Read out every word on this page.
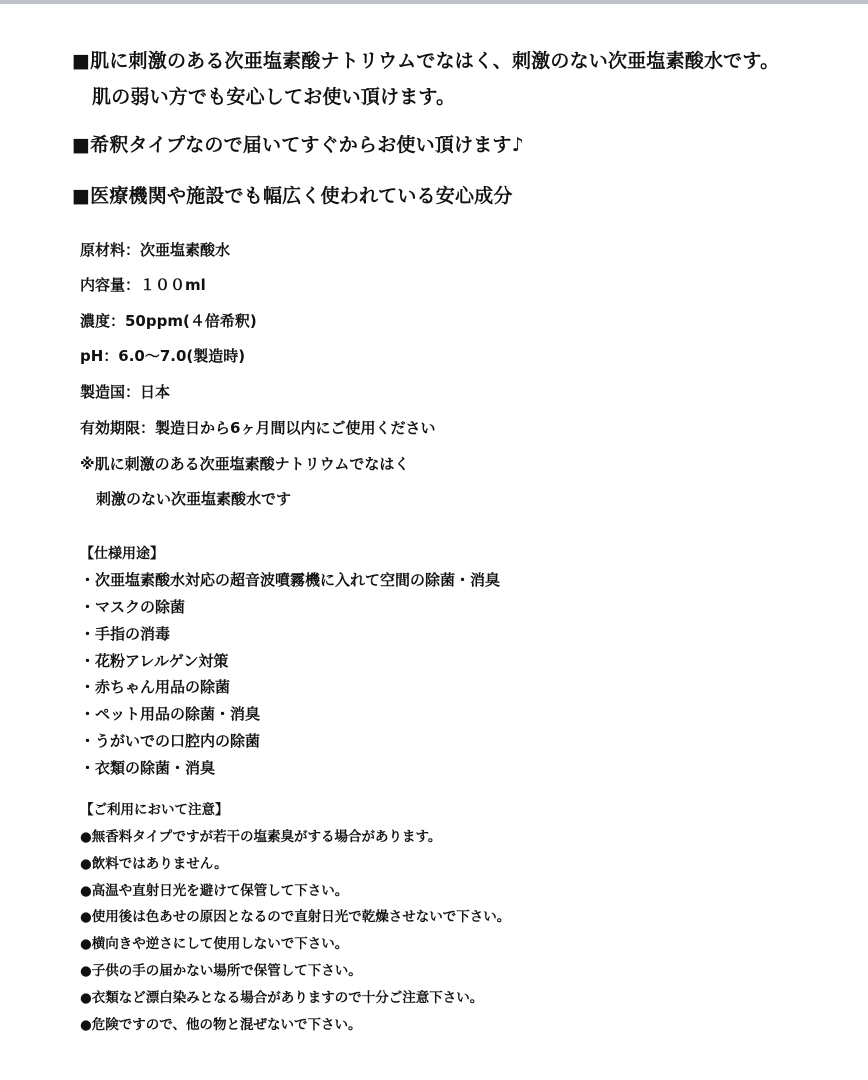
■肌に刺激のある次亜塩素酸ナトリウムでなはく、刺激のない次亜塩素酸水です。
肌の弱い方でも安心してお使い頂けます。
■希釈タイプなので届いてすぐからお使い頂けます♪
■医療機関や施設でも幅広く使われている安心成分
原材料：次亜塩素酸水
内容量：１００ml
濃度：50ppm(４倍希釈)
pH：6.0〜7.0(製造時)
製造国：日本
有効期限：製造日から6ヶ月間以内にご使用ください
※肌に刺激のある次亜塩素酸ナトリウムでなはく
刺激のない次亜塩素酸水です
【仕様用途】
・次亜塩素酸水対応の超音波噴霧機に入れて空間の除菌・消臭
・マスクの除菌
・手指の消毒
・花粉アレルゲン対策
・赤ちゃん用品の除菌
・ペット用品の除菌・消臭
・うがいでの口腔内の除菌
・衣類の除菌・消臭
【ご利用において注意】
●無香料タイプですが若干の塩素臭がする場合があります。
●飲料ではありません。
●高温や直射日光を避けて保管して下さい。
●使用後は色あせの原因となるので直射日光で乾燥させないで下さい。
●横向きや逆さにして使用しないで下さい。
●子供の手の届かない場所で保管して下さい。
●衣類など漂白染みとなる場合がありますので十分ご注意下さい。
●危険ですので、他の物と混ぜないで下さい。
